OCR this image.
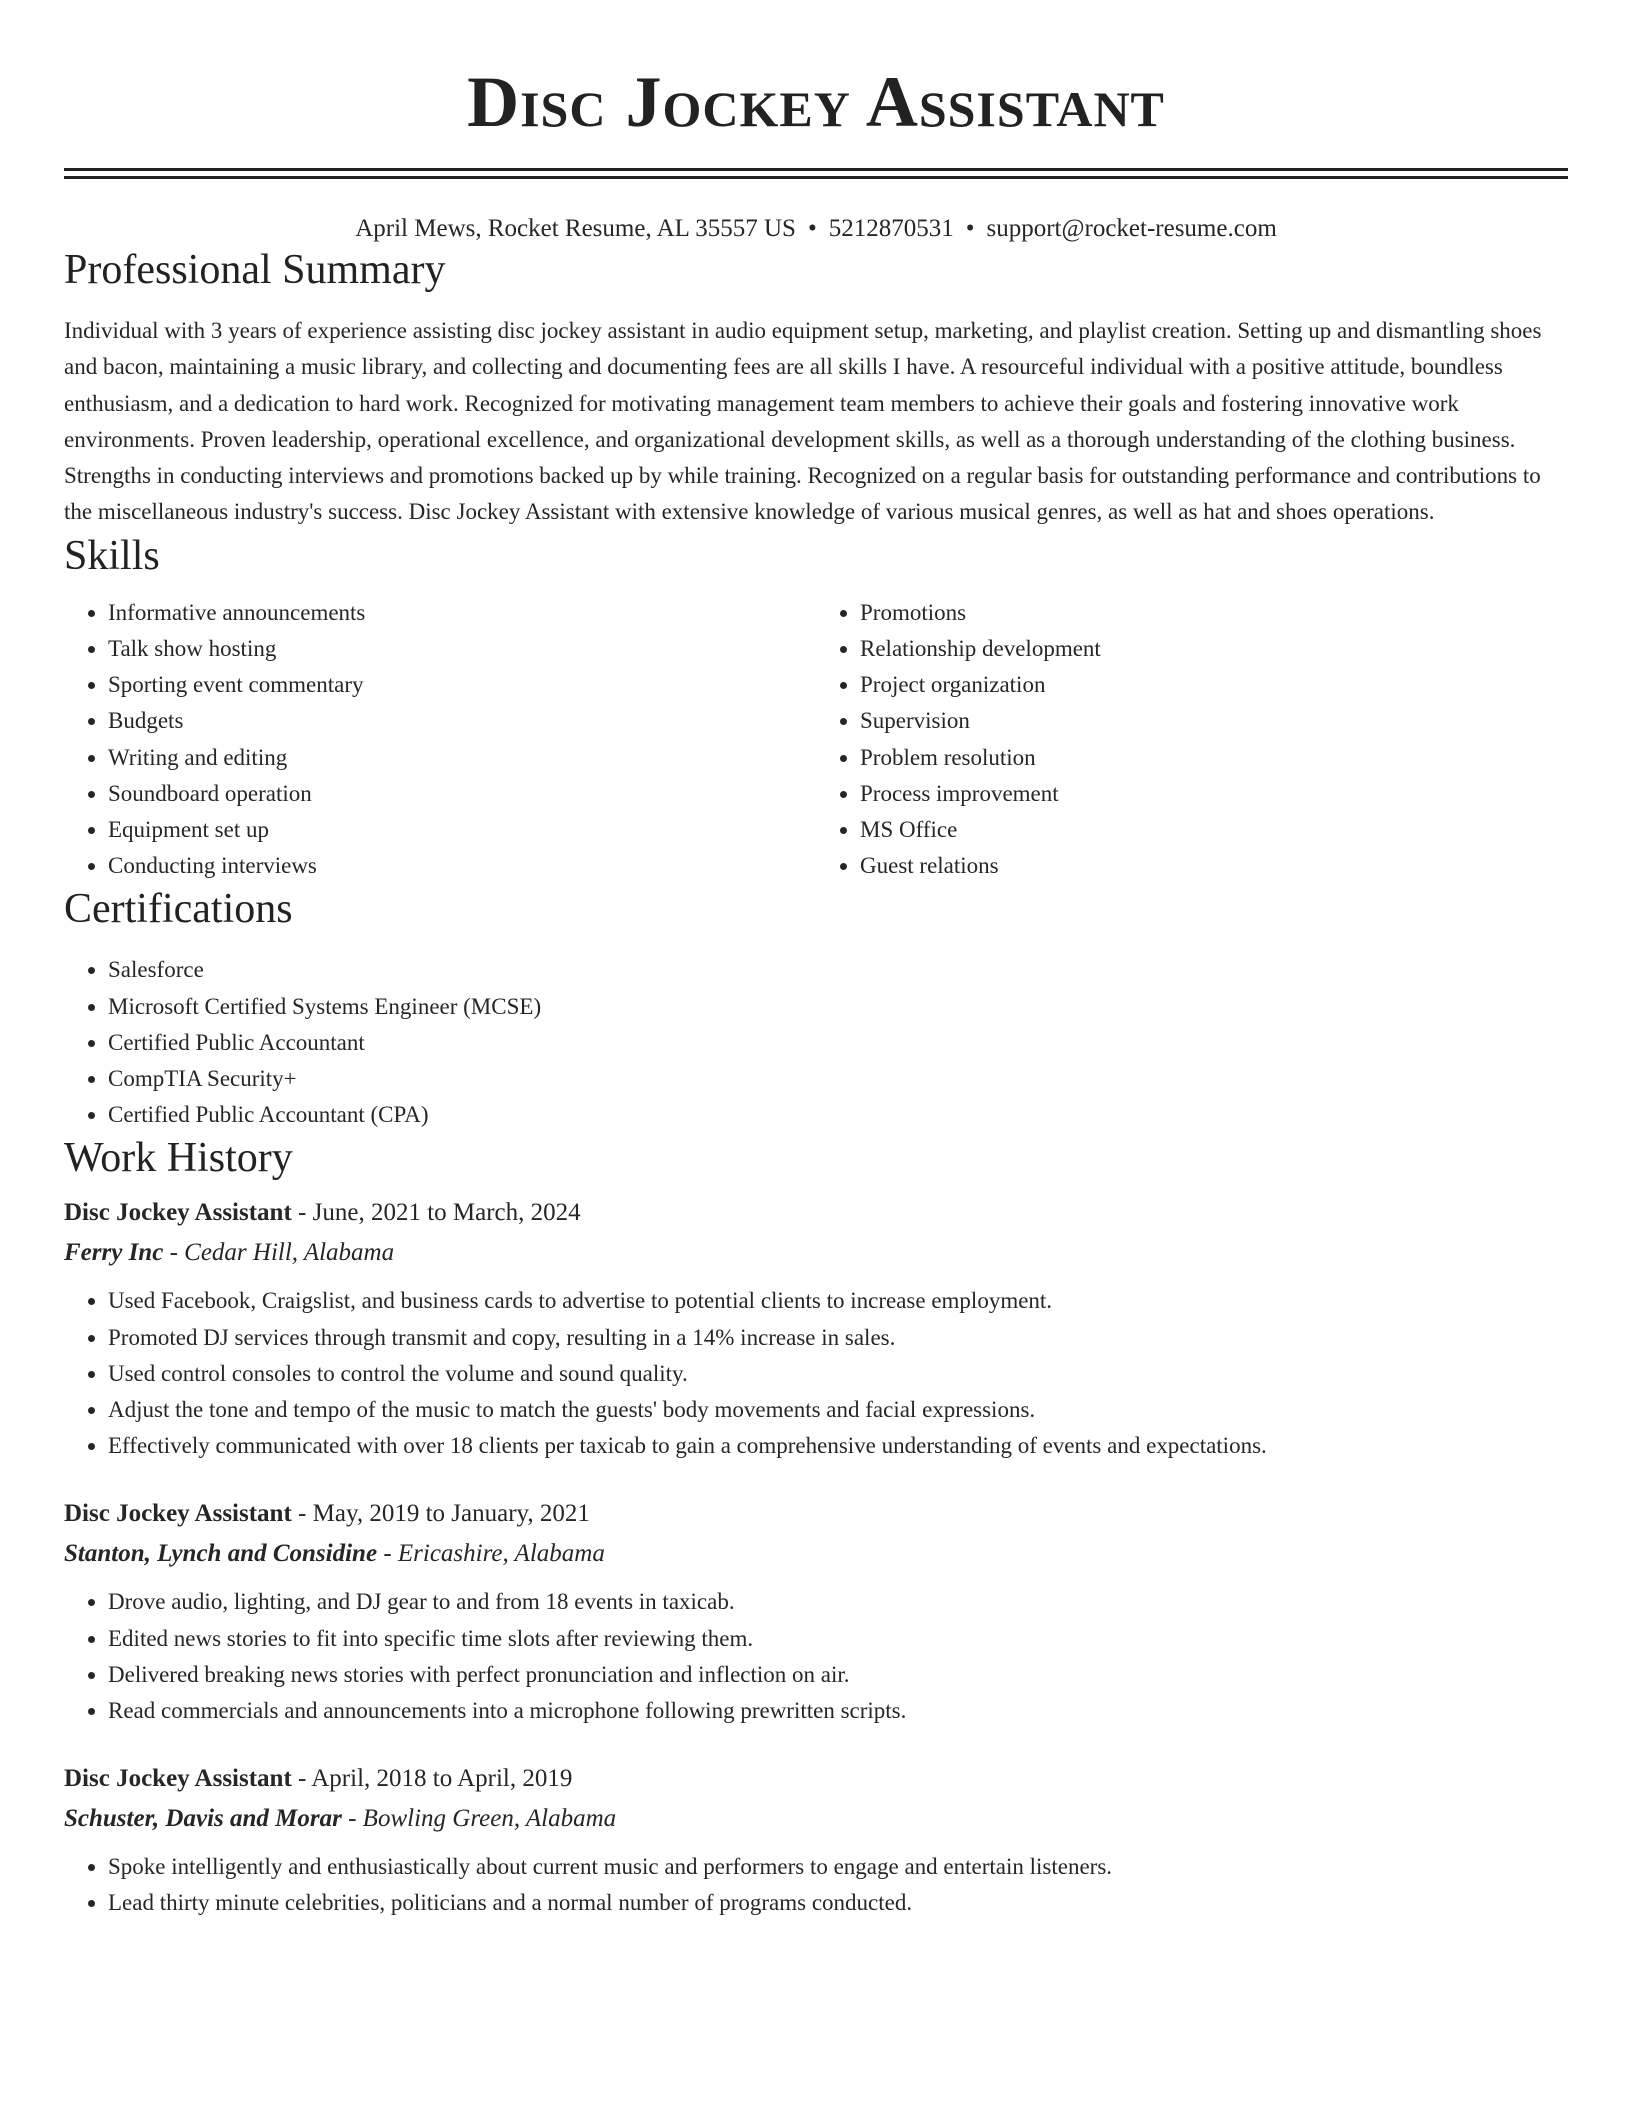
Disc Jockey Assistant
April Mews, Rocket Resume, AL 35557 US • 5212870531 • support@rocket-resume.com
Professional Summary

Individual with 3 years of experience assisting disc jockey assistant in audio equipment setup, marketing, and playlist creation. Setting up and dismantling shoes and bacon, maintaining a music library, and collecting and documenting fees are all skills I have. A resourceful individual with a positive attitude, boundless enthusiasm, and a dedication to hard work. Recognized for motivating management team members to achieve their goals and fostering innovative work environments. Proven leadership, operational excellence, and organizational development skills, as well as a thorough understanding of the clothing business. Strengths in conducting interviews and promotions backed up by while training. Recognized on a regular basis for outstanding performance and contributions to the miscellaneous industry's success. Disc Jockey Assistant with extensive knowledge of various musical genres, as well as hat and shoes operations.

Skills
• Informative announcements
• Talk show hosting
• Sporting event commentary
• Budgets
• Writing and editing
• Soundboard operation
• Equipment set up
• Conducting interviews
• Promotions
• Relationship development
• Project organization
• Supervision
• Problem resolution
• Process improvement
• MS Office
• Guest relations
Certifications
• Salesforce
• Microsoft Certified Systems Engineer (MCSE)
• Certified Public Accountant
• CompTIA Security+
• Certified Public Accountant (CPA)
Work History
Disc Jockey Assistant - June, 2021 to March, 2024
Ferry Inc - Cedar Hill, Alabama
• Used Facebook, Craigslist, and business cards to advertise to potential clients to increase employment.
• Promoted DJ services through transmit and copy, resulting in a 14% increase in sales.
• Used control consoles to control the volume and sound quality.
• Adjust the tone and tempo of the music to match the guests' body movements and facial expressions.
• Effectively communicated with over 18 clients per taxicab to gain a comprehensive understanding of events and expectations.
Disc Jockey Assistant - May, 2019 to January, 2021
Stanton, Lynch and Considine - Ericashire, Alabama
• Drove audio, lighting, and DJ gear to and from 18 events in taxicab.
• Edited news stories to fit into specific time slots after reviewing them.
• Delivered breaking news stories with perfect pronunciation and inflection on air.
• Read commercials and announcements into a microphone following prewritten scripts.
Disc Jockey Assistant - April, 2018 to April, 2019
Schuster, Davis and Morar - Bowling Green, Alabama
• Spoke intelligently and enthusiastically about current music and performers to engage and entertain listeners.
• Lead thirty minute celebrities, politicians and a normal number of programs conducted.
